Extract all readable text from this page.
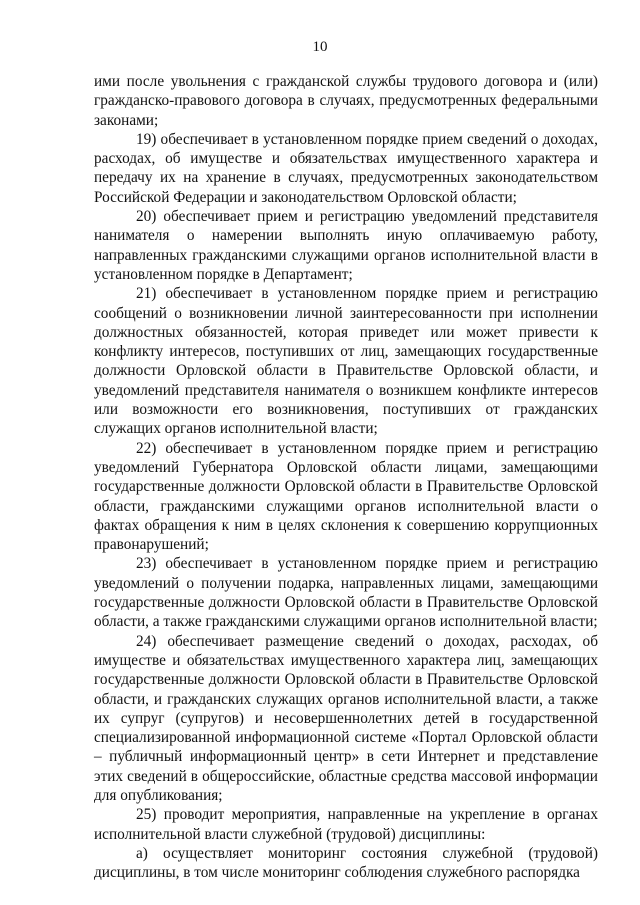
10

ими после увольнения с гражданской службы трудового договора и (или) гражданско-правового договора в случаях, предусмотренных федеральными законами;

19) обеспечивает в установленном порядке прием сведений о доходах, расходах, об имуществе и обязательствах имущественного характера и передачу их на хранение в случаях, предусмотренных законодательством Российской Федерации и законодательством Орловской области;

20) обеспечивает прием и регистрацию уведомлений представителя нанимателя о намерении выполнять иную оплачиваемую работу, направленных гражданскими служащими органов исполнительной власти в установленном порядке в Департамент;

21) обеспечивает в установленном порядке прием и регистрацию сообщений о возникновении личной заинтересованности при исполнении должностных обязанностей, которая приведет или может привести к конфликту интересов, поступивших от лиц, замещающих государственные должности Орловской области в Правительстве Орловской области, и уведомлений представителя нанимателя о возникшем конфликте интересов или возможности его возникновения, поступивших от гражданских служащих органов исполнительной власти;

22) обеспечивает в установленном порядке прием и регистрацию уведомлений Губернатора Орловской области лицами, замещающими государственные должности Орловской области в Правительстве Орловской области, гражданскими служащими органов исполнительной власти о фактах обращения к ним в целях склонения к совершению коррупционных правонарушений;

23) обеспечивает в установленном порядке прием и регистрацию уведомлений о получении подарка, направленных лицами, замещающими государственные должности Орловской области в Правительстве Орловской области, а также гражданскими служащими органов исполнительной власти;

24) обеспечивает размещение сведений о доходах, расходах, об имуществе и обязательствах имущественного характера лиц, замещающих государственные должности Орловской области в Правительстве Орловской области, и гражданских служащих органов исполнительной власти, а также их супруг (супругов) и несовершеннолетних детей в государственной специализированной информационной системе «Портал Орловской области – публичный информационный центр» в сети Интернет и представление этих сведений в общероссийские, областные средства массовой информации для опубликования;

25) проводит мероприятия, направленные на укрепление в органах исполнительной власти служебной (трудовой) дисциплины:

а) осуществляет мониторинг состояния служебной (трудовой) дисциплины, в том числе мониторинг соблюдения служебного распорядка
